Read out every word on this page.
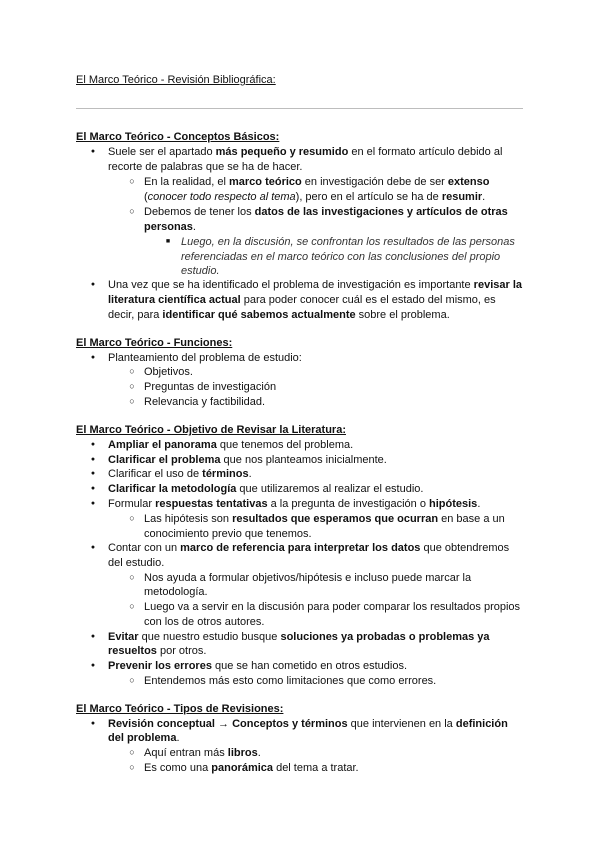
El Marco Teórico - Revisión Bibliográfica:
El Marco Teórico - Conceptos Básicos:
●
Suele ser el apartado más pequeño y resumido en el formato artículo debido al
recorte de palabras que se ha de hacer.
○
En la realidad, el marco teórico en investigación debe de ser extenso
(conocer todo respecto al tema), pero en el artículo se ha de resumir.
○
Debemos de tener los datos de las investigaciones y artículos de otras
personas.
■
Luego, en la discusión, se confrontan los resultados de las personas
referenciadas en el marco teórico con las conclusiones del propio
estudio.
●
Una vez que se ha identificado el problema de investigación es importante revisar la
literatura científica actual para poder conocer cuál es el estado del mismo, es
decir, para identificar qué sabemos actualmente sobre el problema.
El Marco Teórico - Funciones:
●
Planteamiento del problema de estudio:
○
Objetivos.
○
Preguntas de investigación
○
Relevancia y factibilidad.
El Marco Teórico - Objetivo de Revisar la Literatura:
●
Ampliar el panorama que tenemos del problema.
●
Clarificar el problema que nos planteamos inicialmente.
●
Clarificar el uso de términos.
●
Clarificar la metodología que utilizaremos al realizar el estudio.
●
Formular respuestas tentativas a la pregunta de investigación o hipótesis.
○
Las hipótesis son resultados que esperamos que ocurran en base a un
conocimiento previo que tenemos.
●
Contar con un marco de referencia para interpretar los datos que obtendremos
del estudio.
○
Nos ayuda a formular objetivos/hipótesis e incluso puede marcar la
metodología.
○
Luego va a servir en la discusión para poder comparar los resultados propios
con los de otros autores.
●
Evitar que nuestro estudio busque soluciones ya probadas o problemas ya
resueltos por otros.
●
Prevenir los errores que se han cometido en otros estudios.
○
Entendemos más esto como limitaciones que como errores.
El Marco Teórico - Tipos de Revisiones:
●
Revisión conceptual → Conceptos y términos que intervienen en la definición
del problema.
○
Aquí entran más libros.
○
Es como una panorámica del tema a tratar.
